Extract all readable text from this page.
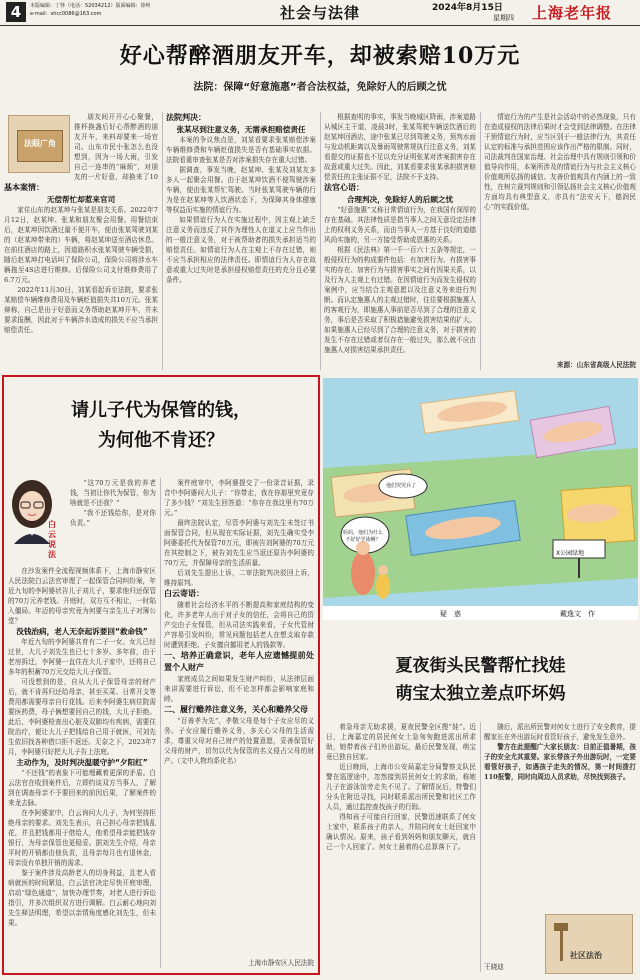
4	本版编辑：丁怿（电话：52034212）版面编辑：徐岭
e-mail：shcc0086@163.com	社会与法律	2024年8月15日
星期四 上海老年报
好心帮醉酒朋友开车，却被索赔10万元
法院：保障“好意施惠”者合法权益，免除好人的后顾之忧
法眼广角

朋友间开开心心聚餐，推杯换盏后好心帮醉酒的朋友开车，来料却要来一场官司。山东市民小张怎么也没想到，因为一场大雨，引发自己一连串的“麻烦”，对朋友的一片好意，却换来了10

基本案情：
无偿帮忙却惹来官司

家住山东的赵某坤与张某是朋友关系。2022年7月12日，赵某坤、张某和朋友聚会用餐。用餐结束后，赵某坤因饮酒过量不便开车，便由张某驾驶刘某的（赵某坤带来的）车辆，将赵某坤送至酒店休息。在前往酒店的路上，因道路积水张某驾驶车辆受损，随后赵某坤打电话叫了保险公司，保险公司将涉水车辆拖至4S店进行维修。后保险公司支付维修费用了6.7万元。

2022年11月30日，刘某看起诉至法院，要求张某赔偿车辆维修费用及车辆贬值损失共10万元。张某辩称，自己是出于好意而义务帮助赵某坤开车，并未要求报酬，因此对于车辆涉水造成的损失不应当承担赔偿责任。

法院判决：
张某尽到注意义务，无需承担赔偿责任

本案的争议焦点是，刘某看要求张某赔偿涉案车辆维修费和车辆贬值损失是否有基础事实依据。法院看重审查张某是否对涉案损失存在重大过错。

据调查，事发当晚，赵某坤、张某及刘某友多多人一起聚会用餐。由于赵某坤饮酒不便驾驶涉案车辆，便由张某帮忙驾驶。当时张某驾驶车辆的行为是在赵某坤等人饮酒状态下，为保障其身体健康等权益而实施的情谊行为。

如果情谊行为人在实施过程中，因主观上缺乏注意义务而违反了其作为理性人在道义上应当作出的一般注意义务，对于被帮助者的损失承担适当的赔偿责任。如情谊行为人在主观上不存在过错，则不应当承担相应的法律责任。即情谊行为人存在故意或重大过失时是承担侵权赔偿责任的充分且必要条件。

根据查明的事实，事发当晚城区降雨，涉案道路从城区主干道，凌晨3时，张某驾驶车辆送饮酒后的赵某坤回酒店，途中张某已尽到驾驶义务，预判水面与发动机距离以及暴雨驾驶常规执行注意义务，刘某看提交的证据也不足以充分证明张某对涉案损害存在故意或重大过失。因此，刘某看要求张某承担损害赔偿责任的主张证据不足，法院不予支持。

法官心语：
合理判决，免除好人的后顾之忧

“好意施惠”又称日常情谊行为，在我国有深厚的存在基础。其法律性质是指当事人之间无意设定法律上的权利义务关系，而由当事人一方基于良好的道德风尚实施的，另一方接受帮助或恩惠的关系。

根据《民法典》第一千一百六十五条等规定，一般侵权行为的构成要件包括：有加害行为、有损害事实的存在、加害行为与损害事实之间有因果关系，以及行为人主观上有过错。在因情谊行为而发生侵权的案例中，应当结合主观意愿以及注意义务来进行判断。而认定施惠人的主观过错时，往往要根据施惠人的客观行为，即施惠人事前是否尽到了合理的注意义务，事后是否采取了积极措施避免损害结果的扩大。如果施惠人已经尽到了合理的注意义务，对于损害的发生不存在过错或者仅存在一般过失，那么就不应由施惠人对损害结果承担责任。

情谊行为的产生是社会活动中的必然现象，只有在造成侵权的法律后果时才会受到法律调整。在法律干预情谊行为时，应当区别于一般法律行为，其责任认定的标准与承担范围应该作出严格的限制。同时，司法裁判在国家治理、社会治理中具有规则引领和价值导向作用，本案所涉及的情谊行为与社会主义核心价值观所弘扬的诚信、友善价值观具有内涵上的一致性，在树立裁判规则和引领弘扬社会主义核心价值观方面均具有典型意义，亦具有“法安天下，德润民心”的实践价值。

来源：山东省高级人民法院
请儿子代为保管的钱，
为何他不肯还？
白云说法

“这70万元是我的养老钱，当初让你代为保管，你为啥就是不还我？”

“我不还钱给你，是对你负责。”

在沙发案件全流程视频体系下，上海市静安区人民法院白云法官审理了一起保管合同纠纷案，年近九旬的李阿婆状告儿子刘儿子，要求他归还保管的70万元养老钱。开庭时，双方互不相让，一时陷入僵局。年迈的母亲究竟为何要与亲生儿子对簿公堂？

没钱治病，老人无奈起诉要回“救命钱”

年近九旬的李阿婆共育有二子一女。女儿已经过世，大儿子刘先生也已七十多岁。多年前，由于老房拆迁，李阿婆一直住在大儿子家中，还将自己多年的积蓄70万元交给大儿子保管。

可没想到的是，自从大儿子保管母亲的财产后，就不肯再归还给母亲，甚至买菜、日常开支等费用都需要母亲自行花钱。后来李阿婆生病住院需要医药费，母子俩想要回自己的钱，大儿子拒绝。此后，李阿婆检查出心脏及双肺均有疾病，需要住院治疗，便让大儿子把钱给自己用于就医，可刘先生依旧找各种借口拒不返还。无奈之下，2023年7月，李阿婆只好把大儿子告上法庭。

主动作为，及时判决温暖守护“夕阳红”

“不还钱”的表象下可能埋藏着更深的矛盾。白云法官在收到案件后，立即约谈双方当事人，了解到在调查母亲不予要回来的前因后果，了解案件的来龙去脉。

在李阿婆家中，白云询问大儿子，为何坚持拒绝母亲的要求。刘先生表示，自己担心母亲把钱乱花，并且把钱都用于借给人，他希望母亲能把钱存银行，为母亲保管也更稳妥。据刘先生介绍，母亲平时的开销都由他负责，且母亲每月也有退休金，母亲没有单独开销的需求。

鉴于案件涉及高龄老人的切身利益，且老人看病就医的时间紧迫，白云法官决定尽快开庭审理，启动“绿色通道”，加快办理节奏，对老人进行诉讼指引，并多次组织双方进行调解。白云耐心地向刘先生释法明理，希望以亲情角度感化刘先生，但未果。

案件庭审中，李阿婆提交了一份录音证据，录音中李阿婆问大儿子：“你带走，我在你那里究竟存了多少钱？”刘先生回答道：“你存在我这里有70万元。”

最终法院认定，尽管李阿婆与刘先生未签订书面保管合同，但从现在实际证据，刘先生确实受李阿婆委托代为保管70万元，即被告刘阿婆的70万元在其控制之下，被告刘先生应当返还原告李阿婆的70万元，并保障母亲的生活质量。

后刘先生提出上诉，二审法院判决驳回上诉，维持原判。

白云寄语：

随着社会经济水平的不断提高和家庭结构的变化，许多老年人出于对子女的信任，会将自己的资产交由子女保管，但从司法实践来看，子女代管财产容易引发纠纷，常见问题包括老人在想支取存款时遭到拒绝、子女擅自挪用老人的钱款等。

一、培养正确意识，老年人应遗憾提前处置个人财产

家庭成员之间如果发生财产纠纷，从法律层面来讲需要进行诉讼，但不论怎样都会影响家庭和睦。

二、履行赡养注意义务，关心和赡养父母

“百善孝为先”，孝敬父母是每个子女应尽的义务。子女应履行赡养义务，多关心父母的生活需求，尊重父母对自己财产的处置意愿，妥善保管好父母的财产，切勿以代为保管的名义侵占父母的财产。（文中人物均系化名）

上海市静安区人民法院
他们哭哭兵了
妈妈，他们为什么不好好学泳啊？
X公园绿地
疑　惑	戴逸文　作
夏夜街头民警帮忙找娃
萌宝太独立差点吓坏妈

着急母亲无助求援，夏夜民警全区搜“娃”。近日，上海嘉定的居民何女士急匆匆跑进派出所求助，她带着孩子们外出游玩，最后民警发现，萌宝竟已独自回家。

近日晚间，上海市公安局嘉定分局警察支队民警在巡逻途中，忽然接到居民何女士的求助，称她儿子在游泳馆旁走失不见了。了解情况后，特警们分头在附近寻找，同时联系派出所民警和社区工作人员，通过监控查找孩子的行踪。

得知孩子可能自行回家，民警迅速联系了何女士家中，联系孩子的亲人，并陪同何女士赶回家中确认情况。原来，孩子看到妈妈和朋友聊天，就自己一个人回家了。何女士悬着的心总算落下了。

随后，派出所民警对何女士进行了安全教育，提醒家长在外出游玩时看管好孩子，避免发生意外。

警方在此提醒广大家长朋友：目前正值暑期，孩子的安全尤其重要。家长带孩子外出游玩时，一定要看管好孩子，如遇孩子走失的情况，第一时间拨打110报警，同时向周边人员求助，尽快找到孩子。

王晓迪
社区法治
